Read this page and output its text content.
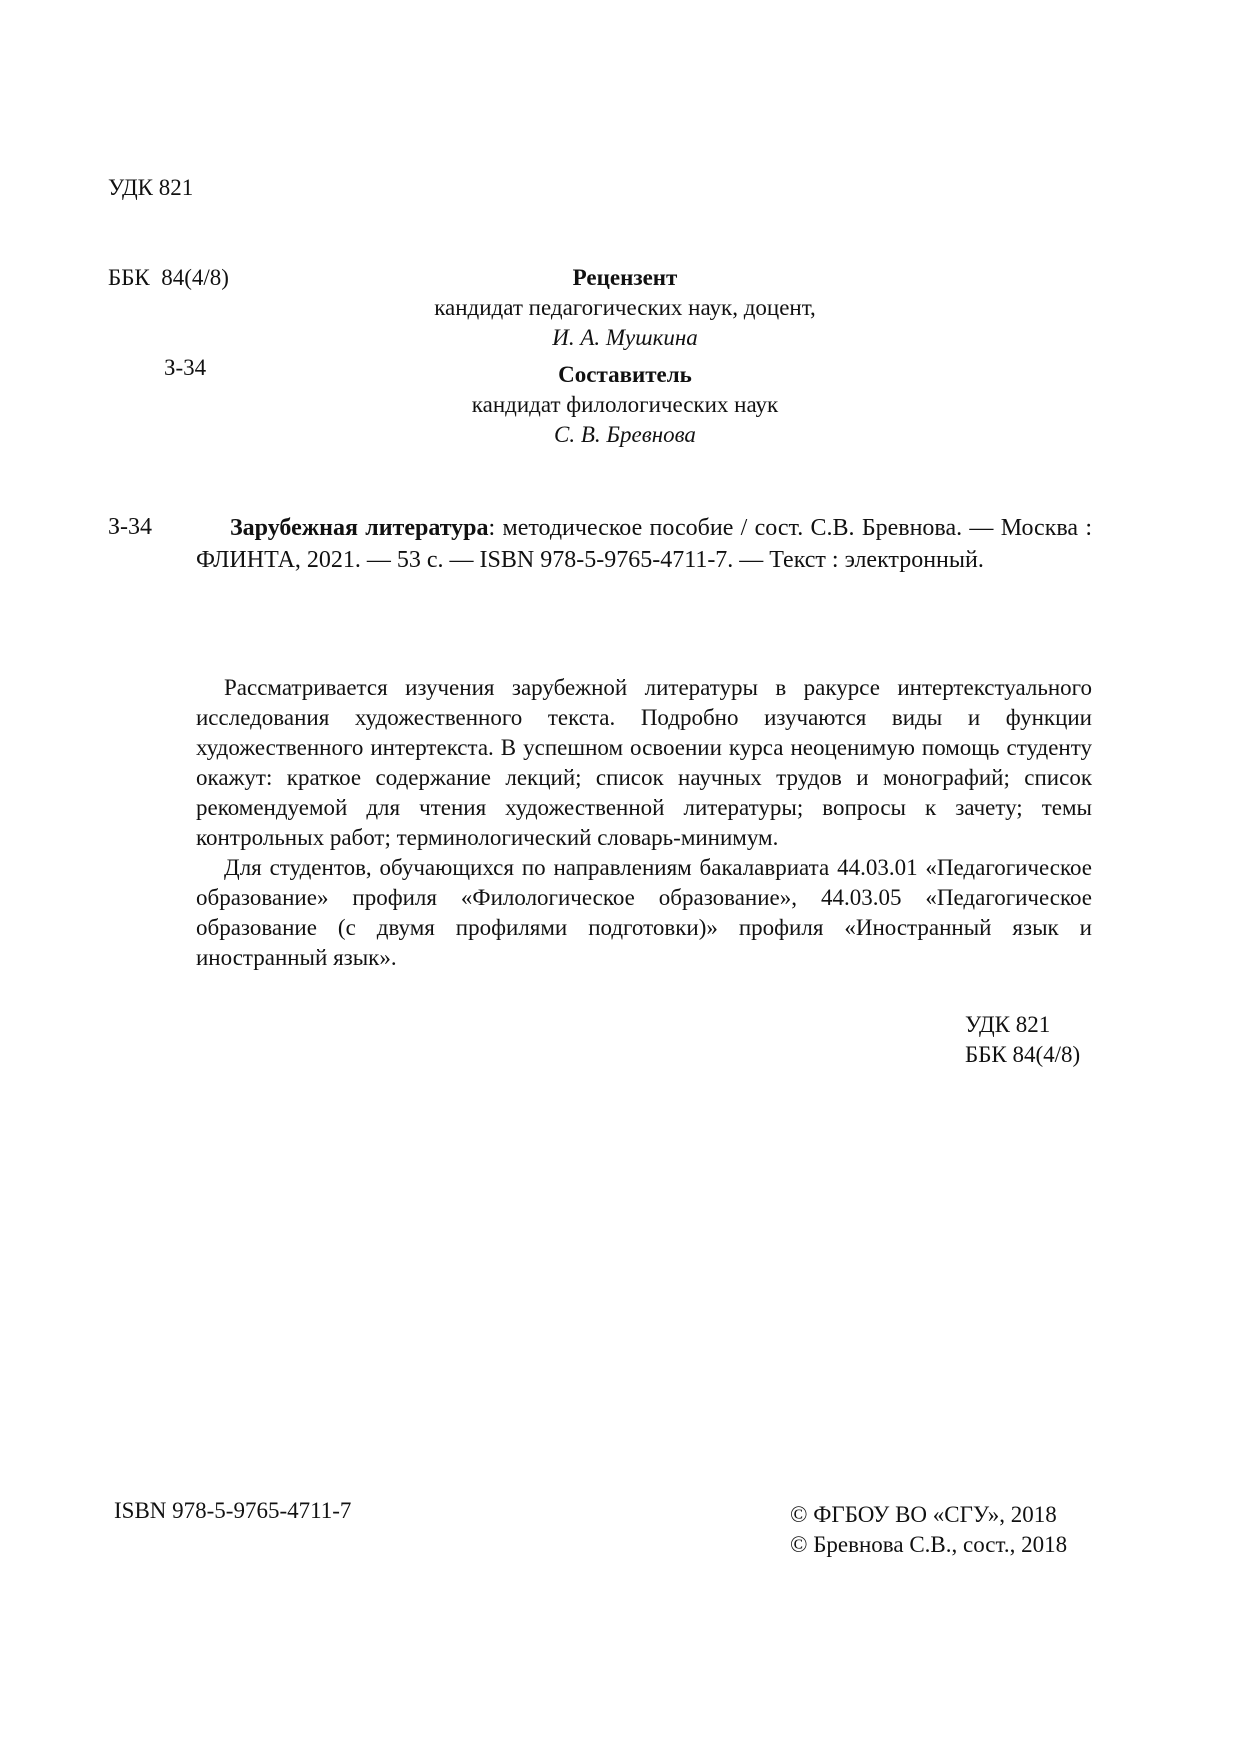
УДК 821

ББК  84(4/8)

З-34

Рецензент
кандидат педагогических наук, доцент,
И. А. Мушкина
Составитель
кандидат филологических наук
С. В. Бревнова
З-34	Зарубежная литература: методическое пособие / сост. С.В. Бревнова. — Москва : ФЛИНТА, 2021. — 53 с. — ISBN 978-5-9765-4711-7. — Текст : электронный.

Рассматривается изучения зарубежной литературы в ракурсе интертекстуального исследования художественного текста. Подробно изучаются виды и функции художественного интертекста. В успешном освоении курса неоценимую помощь студенту окажут: краткое содержание лекций; список научных трудов и монографий; список рекомендуемой для чтения художественной литературы; вопросы к зачету; темы контрольных работ; терминологический словарь-минимум.

Для студентов, обучающихся по направлениям бакалавриата 44.03.01 «Педагогическое образование» профиля «Филологическое образование», 44.03.05 «Педагогическое образование (с двумя профилями подготовки)» профиля «Иностранный язык и иностранный язык».

УДК 821
ББК 84(4/8)
ISBN 978-5-9765-4711-7	© ФГБОУ ВО «СГУ», 2018
© Бревнова С.В., сост., 2018
